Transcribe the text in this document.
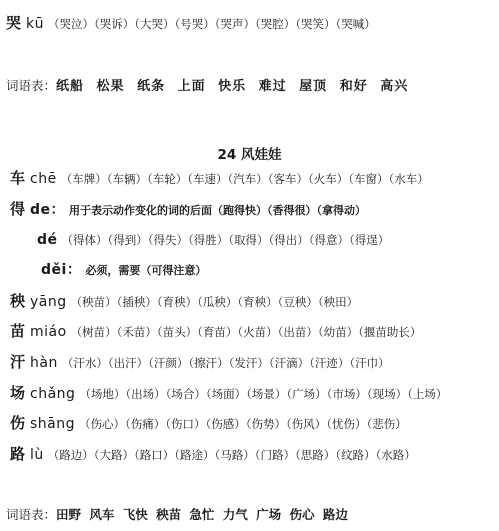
哭 kū （哭泣）（哭诉）（大哭）（号哭）（哭声）（哭腔）（哭笑）（哭喊）
词语表：纸船 松果 纸条 上面 快乐 难过 屋顶 和好 高兴
24 风娃娃
车 chē （车牌）（车辆）（车轮）（车速）（汽车）（客车）（火车）（车窗）（水车）
得 de： 用于表示动作变化的词的后面（跑得快）（香得很）（拿得动）
dé （得体）（得到）（得失）（得胜）（取得）（得出）（得意）（得逞）
děi： 必须，需要（可得注意）
秧 yāng （秧苗）（插秧）（育秧）（瓜秧）（育秧）（豆秧）（秧田）
苗 miáo （树苗）（禾苗）（苗头）（育苗）（火苗）（出苗）（幼苗）（揠苗助长）
汗 hàn （汗水）（出汗）（汗颜）（擦汗）（发汗）（汗滴）（汗迹）（汗巾）
场 chǎng （场地）（出场）（场合）（场面）（场景）（广场）（市场）（现场）（上场）
伤 shāng （伤心）（伤痛）（伤口）（伤感）（伤势）（伤风）（忧伤）（悲伤）
路 lù （路边）（大路）（路口）（路途）（马路）（门路）（思路）（纹路）（水路）
词语表：田野 风车 飞快 秧苗 急忙 力气 广场 伤心 路边
